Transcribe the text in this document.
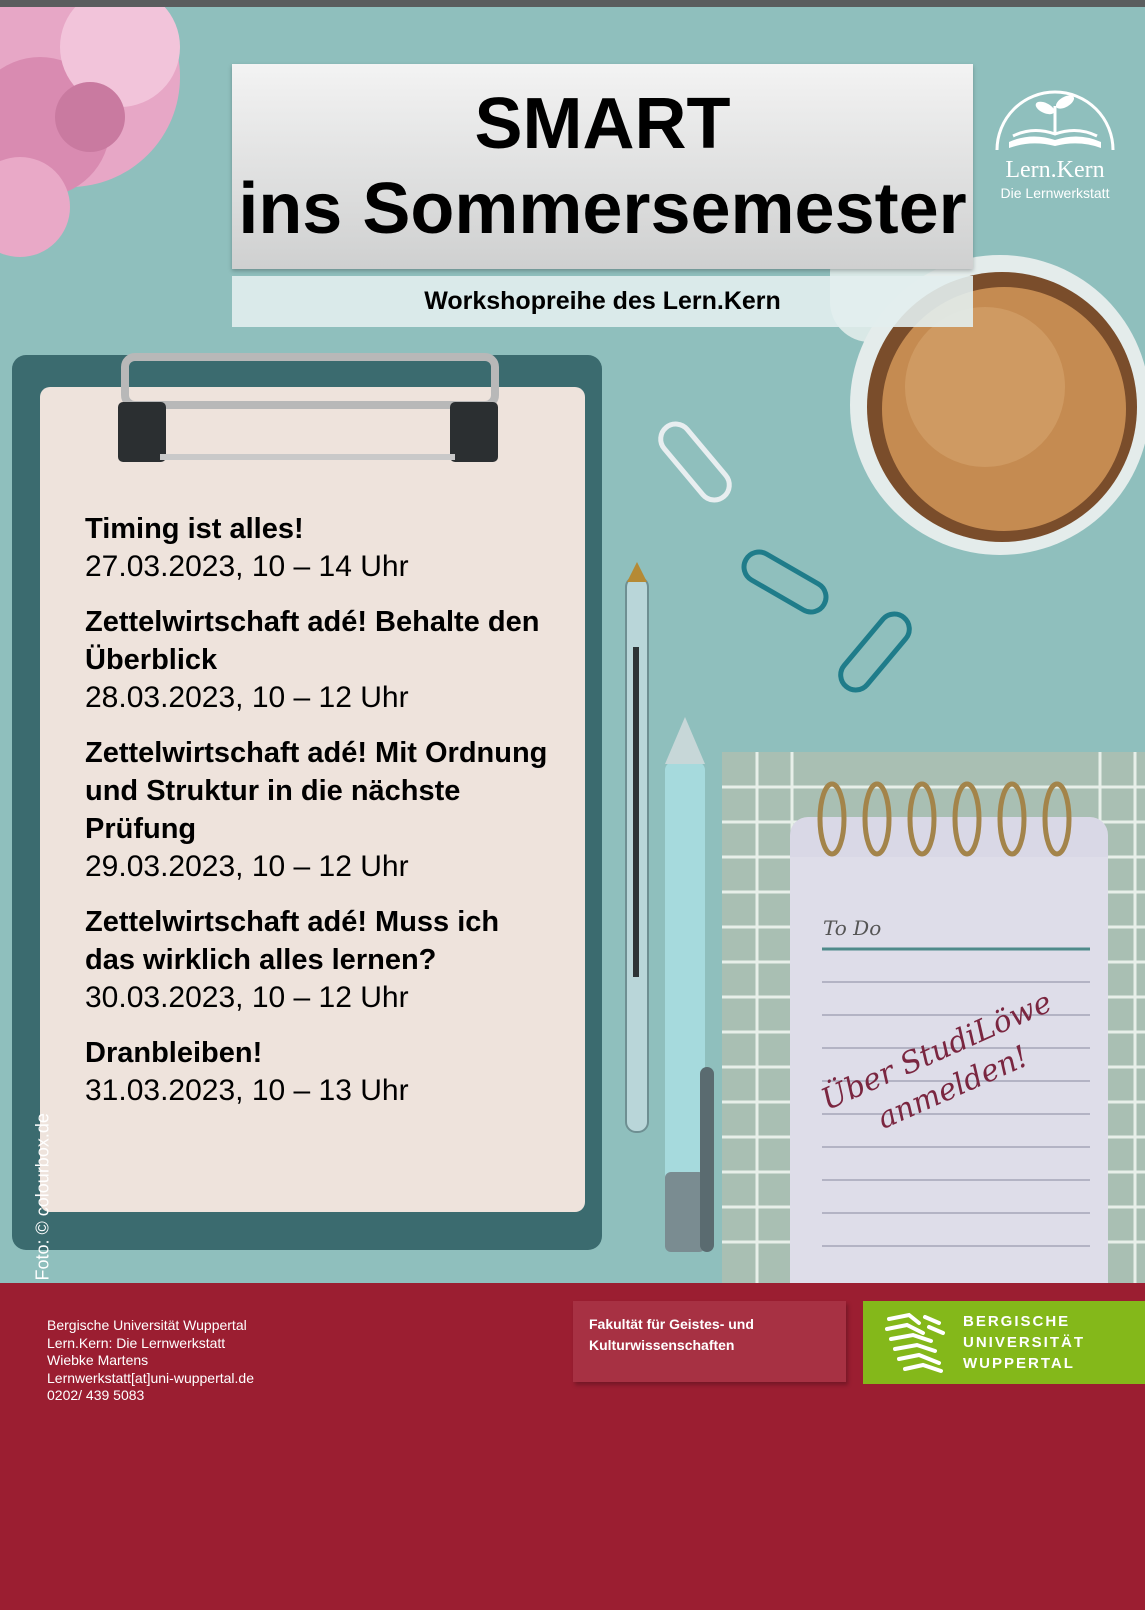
SMART
ins Sommersemester
Workshopreihe des Lern.Kern
Lern.Kern
Die Lernwerkstatt
Timing ist alles!
27.03.2023, 10 – 14 Uhr
Zettelwirtschaft adé! Behalte den Überblick
28.03.2023, 10 – 12 Uhr
Zettelwirtschaft adé! Mit Ordnung und Struktur in die nächste Prüfung
29.03.2023, 10 – 12 Uhr
Zettelwirtschaft adé! Muss ich das wirklich alles lernen?
30.03.2023, 10 – 12 Uhr
Dranbleiben!
31.03.2023, 10 – 13 Uhr
To Do
Über StudiLöwe anmelden!
Foto: © colourbox.de
Bergische Universität Wuppertal
Lern.Kern: Die Lernwerkstatt
Wiebke Martens
Lernwerkstatt[at]uni-wuppertal.de
0202/ 439 5083
Fakultät für Geistes- und Kulturwissenschaften
BERGISCHE
UNIVERSITÄT
WUPPERTAL
